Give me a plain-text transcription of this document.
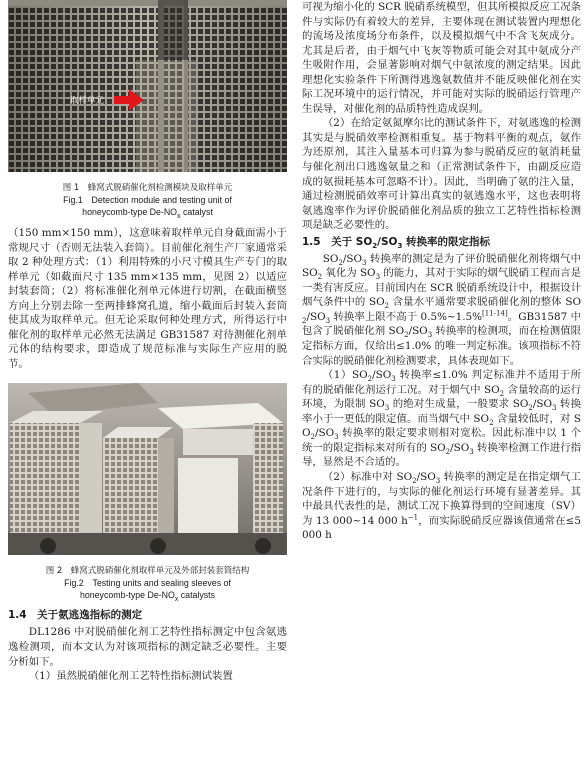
取样单元
图 1　蜂窝式脱硝催化剂检测模块及取样单元
Fig.1　Detection module and testing unit of
honeycomb-type $De-NO_x$ catalyst

（150 mm×150 mm），这意味着取样单元自身截面需小于常规尺寸（否则无法装入套筒）。目前催化剂生产厂家通常采取 2 种处理方式：（1）利用特殊的小尺寸模具生产专门的取样单元（如截面尺寸 135 mm×135 mm，见图 2）以适应封装套筒；（2）将标准催化剂单元体进行切割，在截面横竖方向上分别去除一至两排蜂窝孔道，缩小截面后封装入套筒使其成为取样单元。但无论采取何种处理方式，所得运行中催化剂的取样单元必然无法满足 GB31587 对待测催化剂单元体的结构要求，即造成了规范标准与实际生产应用的脱节。

图 2　蜂窝式脱硝催化剂取样单元及外部封装套筒结构
Fig.2　Testing units and sealing sleeves of
honeycomb-type $De-NO_x$ catalysts
1.4　关于氨逃逸指标的测定

DL1286 中对脱硝催化剂工艺特性指标测定中包含氨逃逸检测项，而本文认为对该项指标的测定缺乏必要性。主要分析如下。

（1）虽然脱硝催化剂工艺特性指标测试装置

可视为缩小化的 SCR 脱硝系统模型，但其所模拟反应工况条件与实际仍有着较大的差异，主要体现在测试装置内理想化的流场及浓度场分布条件，以及模拟烟气中不含飞灰成分。尤其是后者，由于烟气中飞灰等物质可能会对其中氨成分产生吸附作用，会显著影响对烟气中氨浓度的测定结果。因此理想化实验条件下所测得逃逸氨数值并不能反映催化剂在实际工况环境中的运行情况，并可能对实际的脱硝运行管理产生误导，对催化剂的品质特性造成误判。

（2）在给定氨氮摩尔比的测试条件下，对氨逃逸的检测其实是与脱硝效率检测相重复。基于物料平衡的观点，氨作为还原剂，其注入量基本可归算为参与脱硝反应的氨消耗量与催化剂出口逃逸氨量之和（正常测试条件下，由副反应造成的氨损耗基本可忽略不计）。因此，当明确了氨的注入量，通过检测脱硝效率可计算出真实的氨逃逸水平，这也表明将氨逃逸率作为评价脱硝催化剂品质的独立工艺特性指标检测项是缺乏必要性的。

1.5　关于 $SO_2/SO_3$ 转换率的限定指标

$SO_2/SO_3$ 转换率的测定是为了评价脱硝催化剂将烟气中 $SO_2$ 氧化为 $SO_3$ 的能力，其对于实际的烟气脱硝工程而言是一类有害反应。目前国内在 SCR 脱硝系统设计中，根据设计烟气条件中的 $SO_2$ 含量水平通常要求脱硝催化剂的整体 $SO_2/SO_3$ 转换率上限不高于 0.5%~1.5%[11-14]。GB31587 中包含了脱硝催化剂 $SO_2/SO_3$ 转换率的检测项，而在检测值限定指标方面，仅给出≤1.0% 的唯一判定标准。该项指标不符合实际的脱硝催化剂检测要求，具体表现如下。

$(1)SO_2/SO_3$ 转换率≤1.0% 判定标准并不适用于所有的脱硝催化剂运行工况。对于烟气中 $SO_2$ 含量较高的运行环境，为限制 $SO_3$ 的绝对生成量，一般要求 $SO_2/SO_3$ 转换率小于一更低的限定值。而当烟气中 $SO_2$ 含量较低时，对 $SO_2/SO_3$ 转换率的限定要求则相对宽松。因此标准中以 1 个统一的限定指标来对所有的 $SO_2/SO_3$ 转换率检测工作进行指导，显然是不合适的。

（2）标准中对 $SO_2/SO_3$ 转换率的测定是在指定烟气工况条件下进行的，与实际的催化剂运行环境有显著差异。其中最具代表性的是，测试工况下换算得到的空间速度（SV）为 13 000~14 000 $h^{-1}$，而实际脱硝反应器该值通常在≤5 000 h
